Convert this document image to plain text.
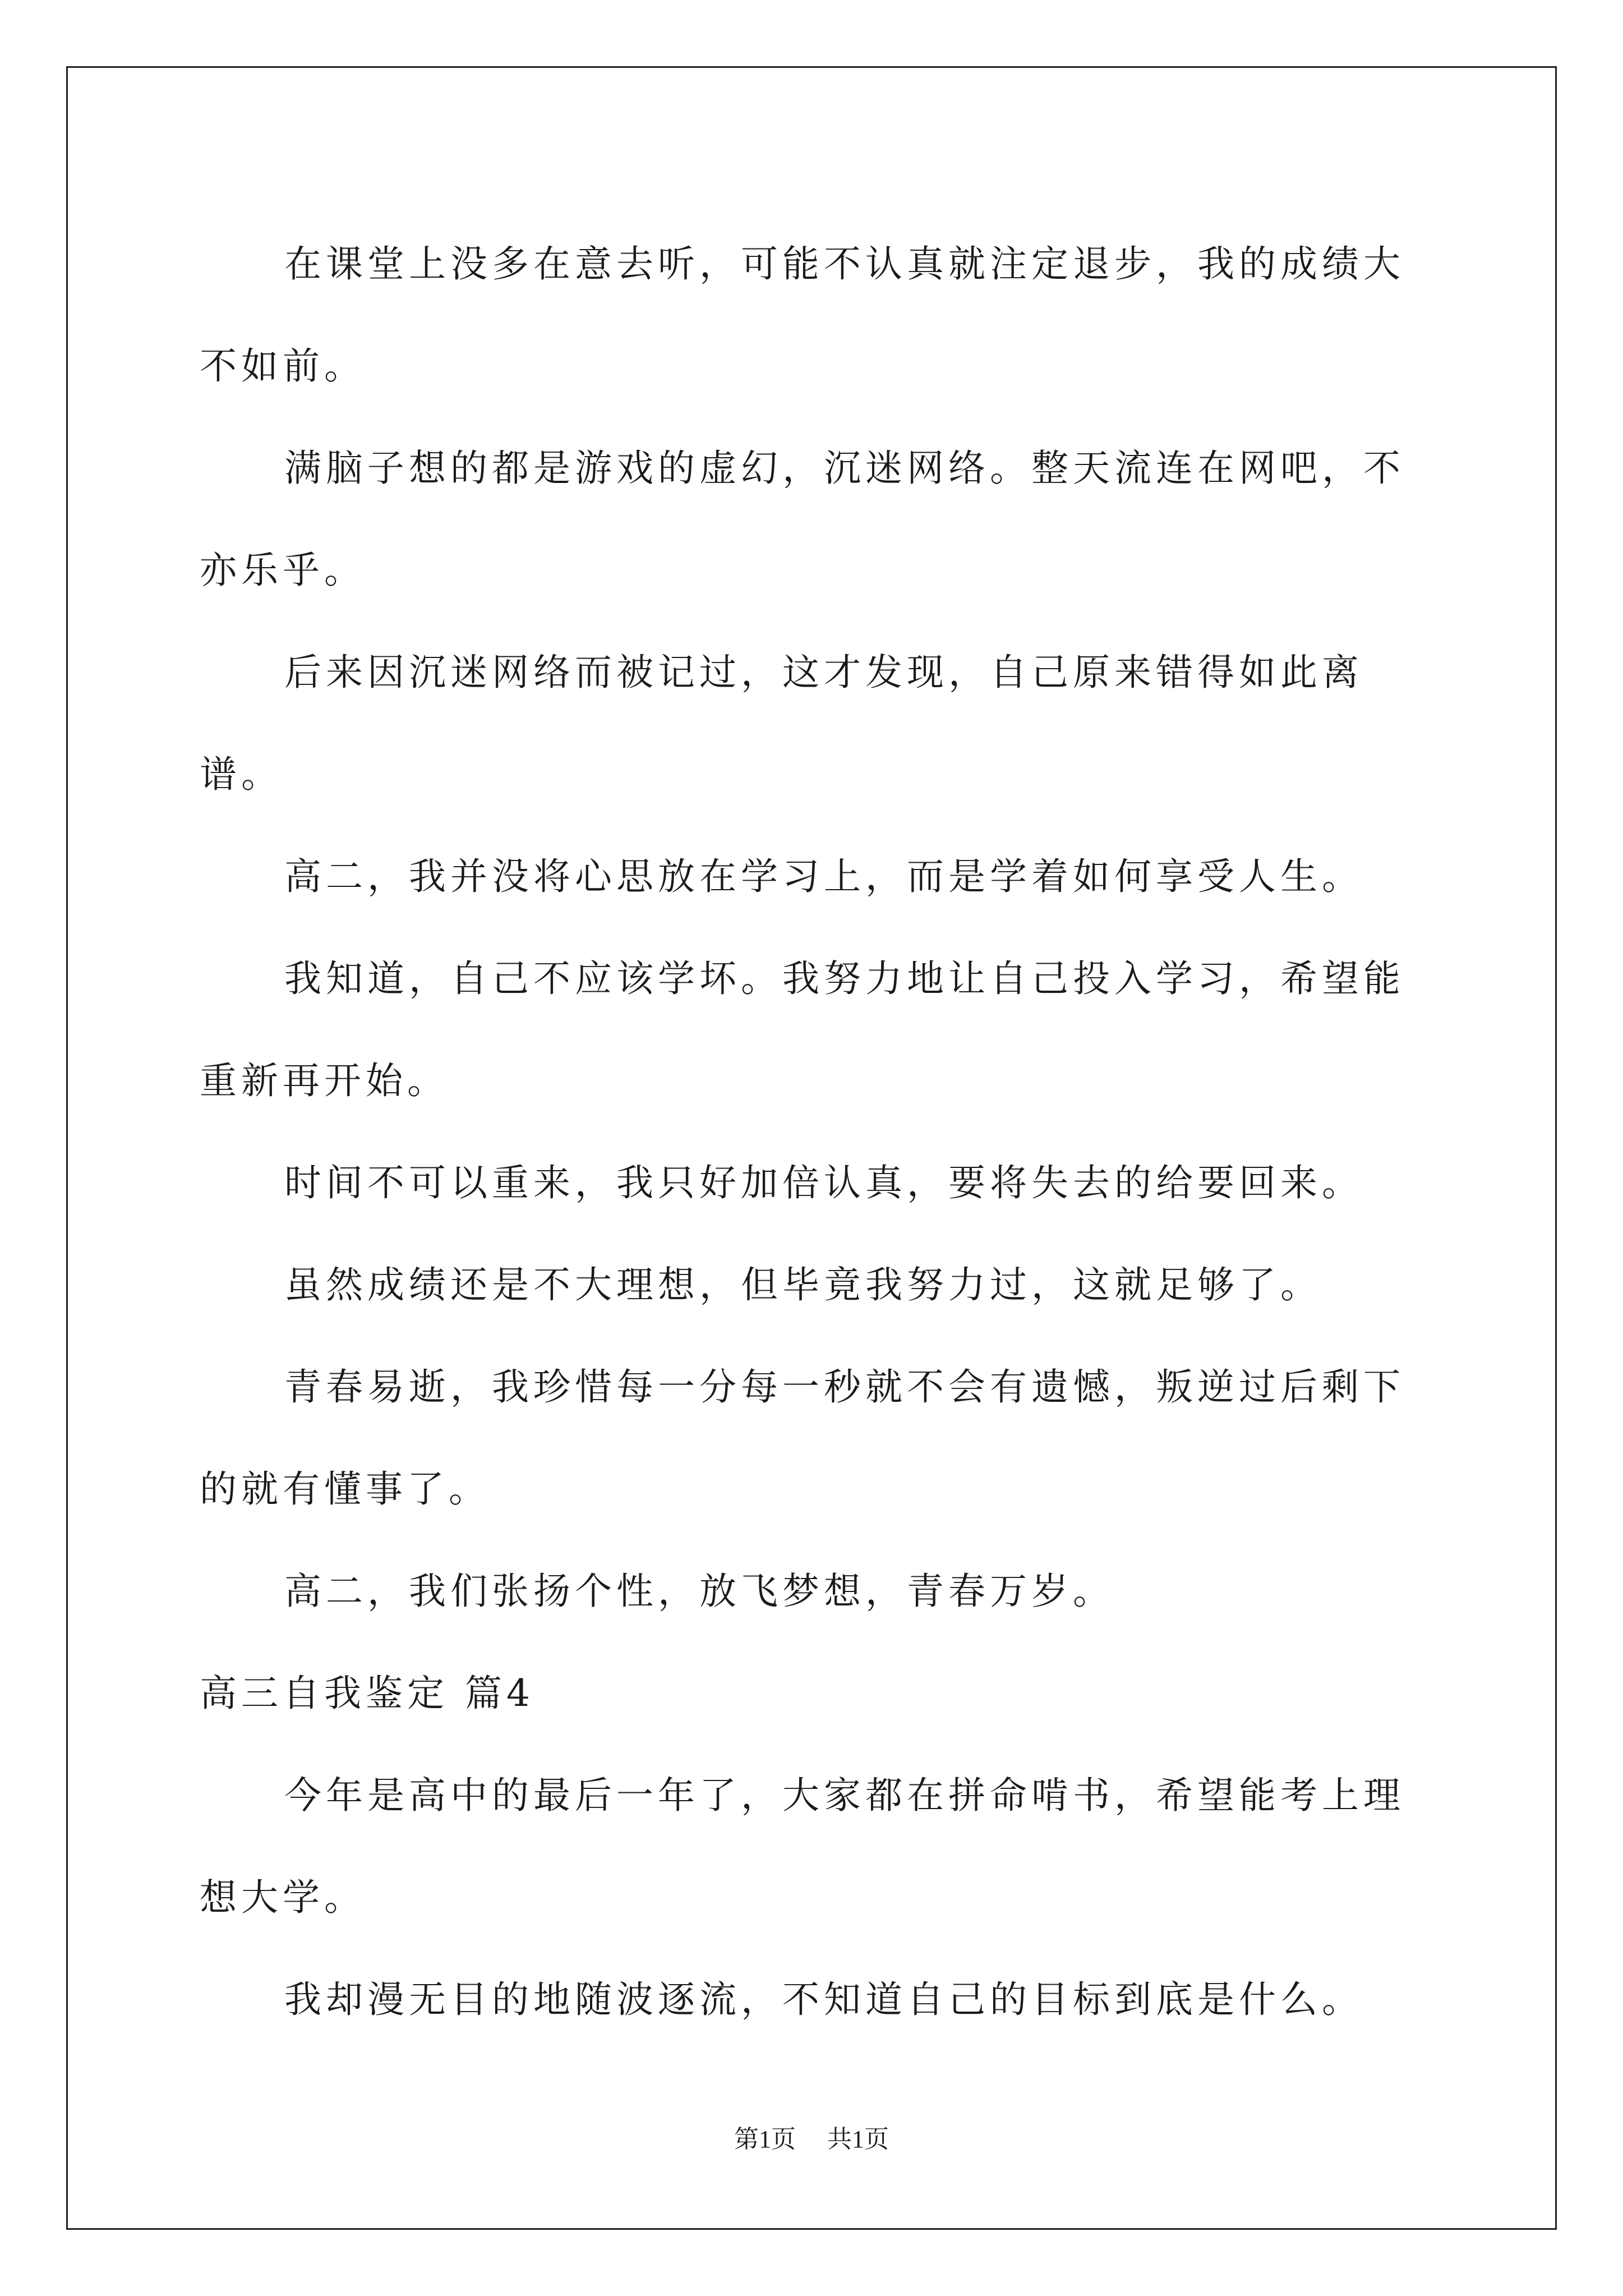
在课堂上没多在意去听，可能不认真就注定退步，我的成绩大不如前。

满脑子想的都是游戏的虚幻，沉迷网络。整天流连在网吧，不亦乐乎。

后来因沉迷网络而被记过，这才发现，自己原来错得如此离谱。

高二，我并没将心思放在学习上，而是学着如何享受人生。

我知道，自己不应该学坏。我努力地让自己投入学习，希望能重新再开始。

时间不可以重来，我只好加倍认真，要将失去的给要回来。

虽然成绩还是不大理想，但毕竟我努力过，这就足够了。

青春易逝，我珍惜每一分每一秒就不会有遗憾，叛逆过后剩下的就有懂事了。

高二，我们张扬个性，放飞梦想，青春万岁。

高三自我鉴定 篇4

今年是高中的最后一年了，大家都在拼命啃书，希望能考上理想大学。

我却漫无目的地随波逐流，不知道自己的目标到底是什么。

第1页 共1页
